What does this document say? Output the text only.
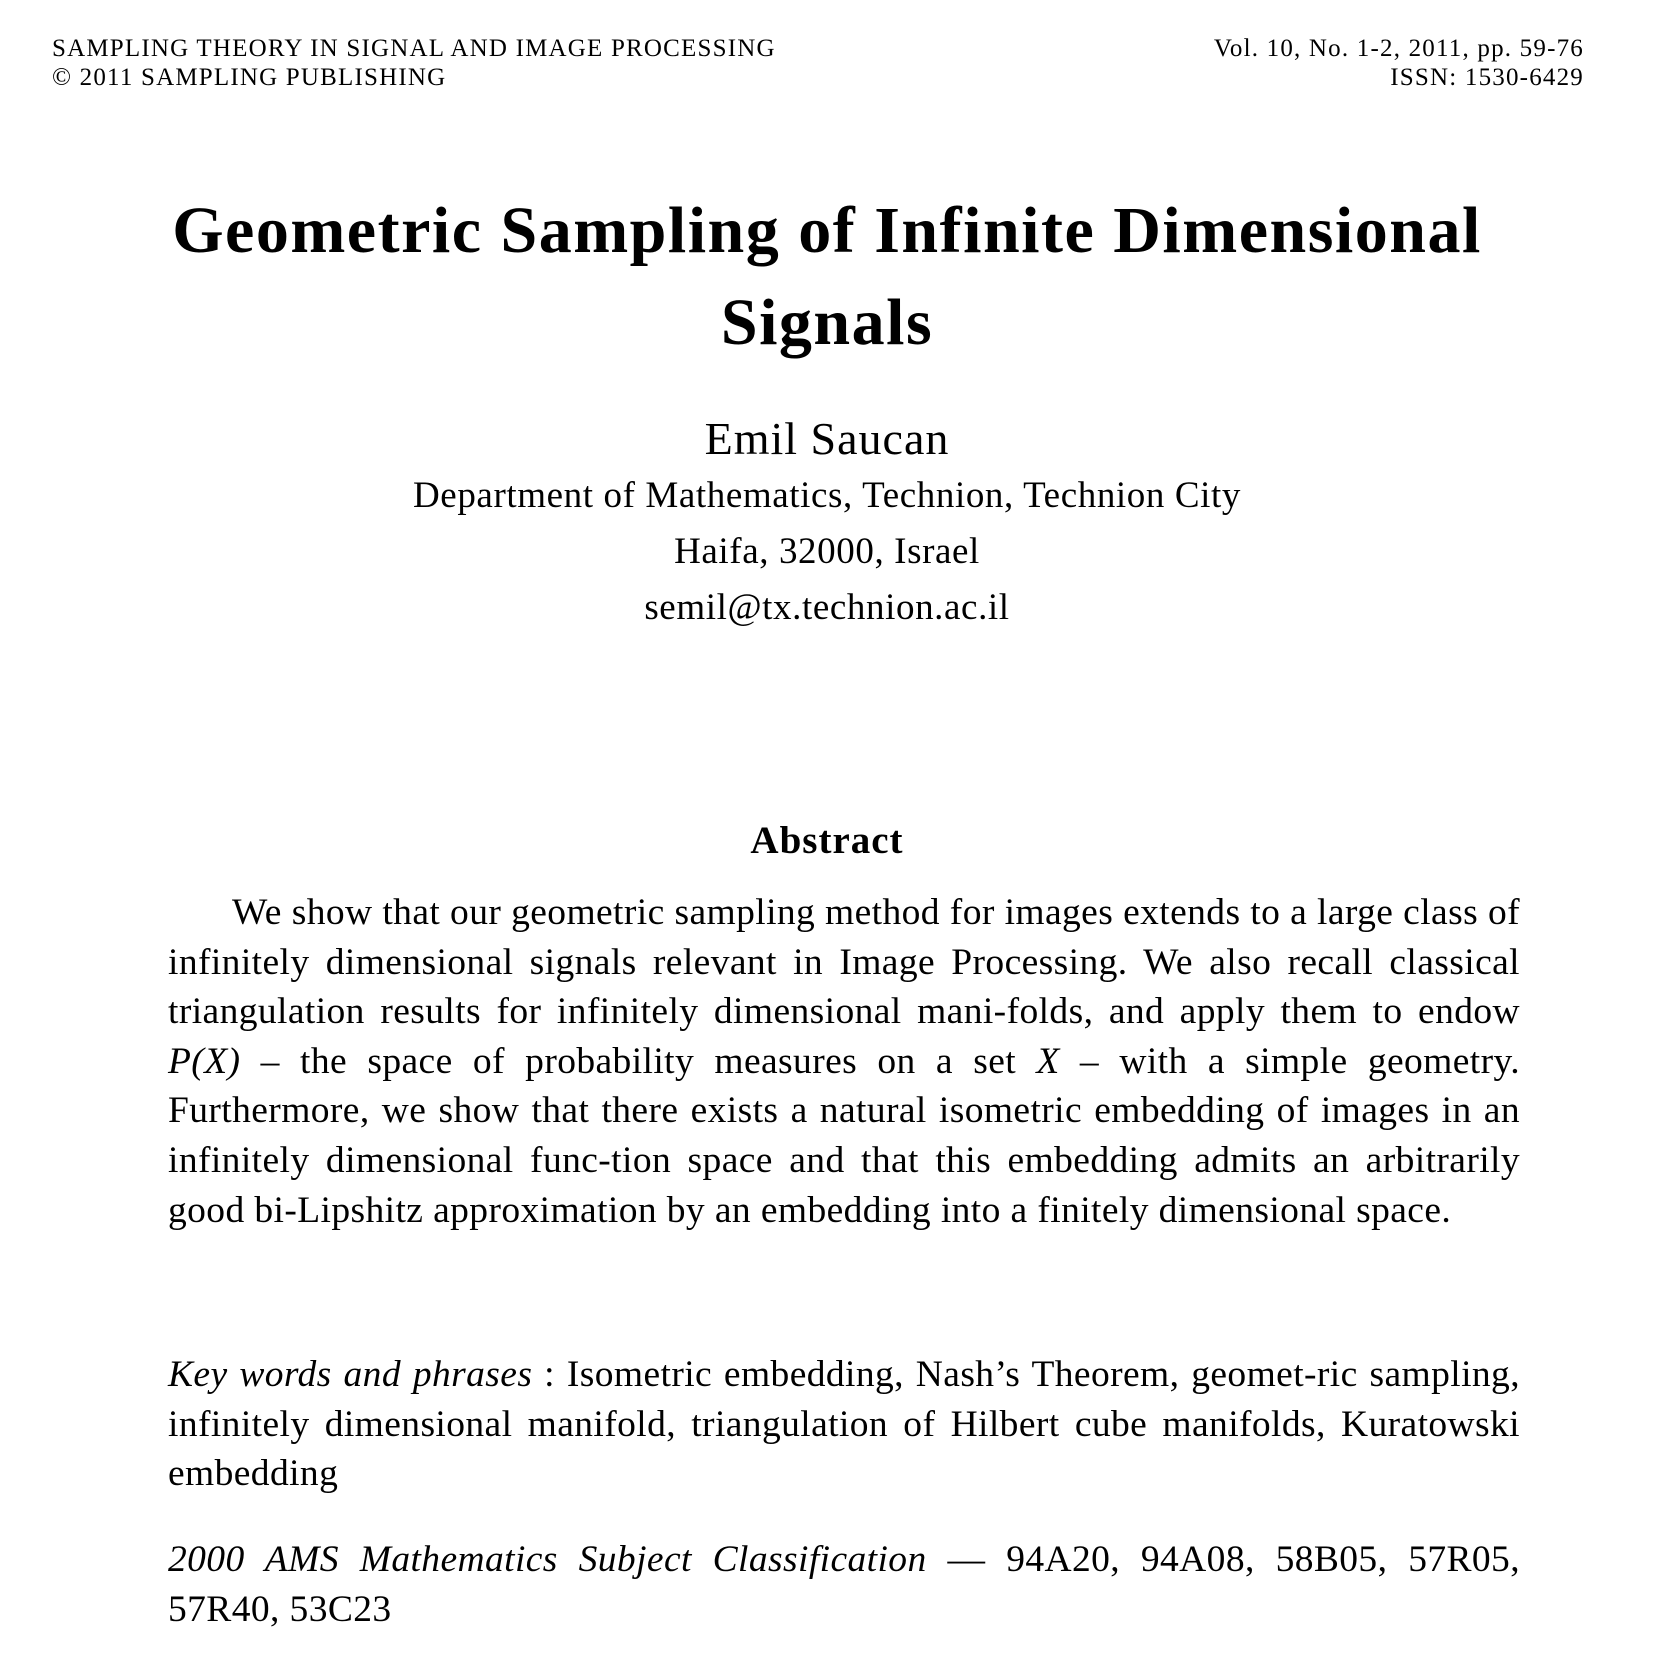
SAMPLING THEORY IN SIGNAL AND IMAGE PROCESSING
© 2011 SAMPLING PUBLISHING
Vol. 10, No. 1-2, 2011, pp. 59-76
ISSN: 1530-6429
Geometric Sampling of Infinite Dimensional
Signals
Emil Saucan
Department of Mathematics, Technion, Technion City
Haifa, 32000, Israel
semil@tx.technion.ac.il
Abstract
We show that our geometric sampling method for images extends to a large class of infinitely dimensional signals relevant in Image Processing. We also recall classical triangulation results for infinitely dimensional mani-folds, and apply them to endow P(X) – the space of probability measures on a set X – with a simple geometry. Furthermore, we show that there exists a natural isometric embedding of images in an infinitely dimensional func-tion space and that this embedding admits an arbitrarily good bi-Lipshitz approximation by an embedding into a finitely dimensional space.
Key words and phrases : Isometric embedding, Nash’s Theorem, geomet-ric sampling, infinitely dimensional manifold, triangulation of Hilbert cube manifolds, Kuratowski embedding
2000 AMS Mathematics Subject Classification — 94A20, 94A08, 58B05, 57R05, 57R40, 53C23
